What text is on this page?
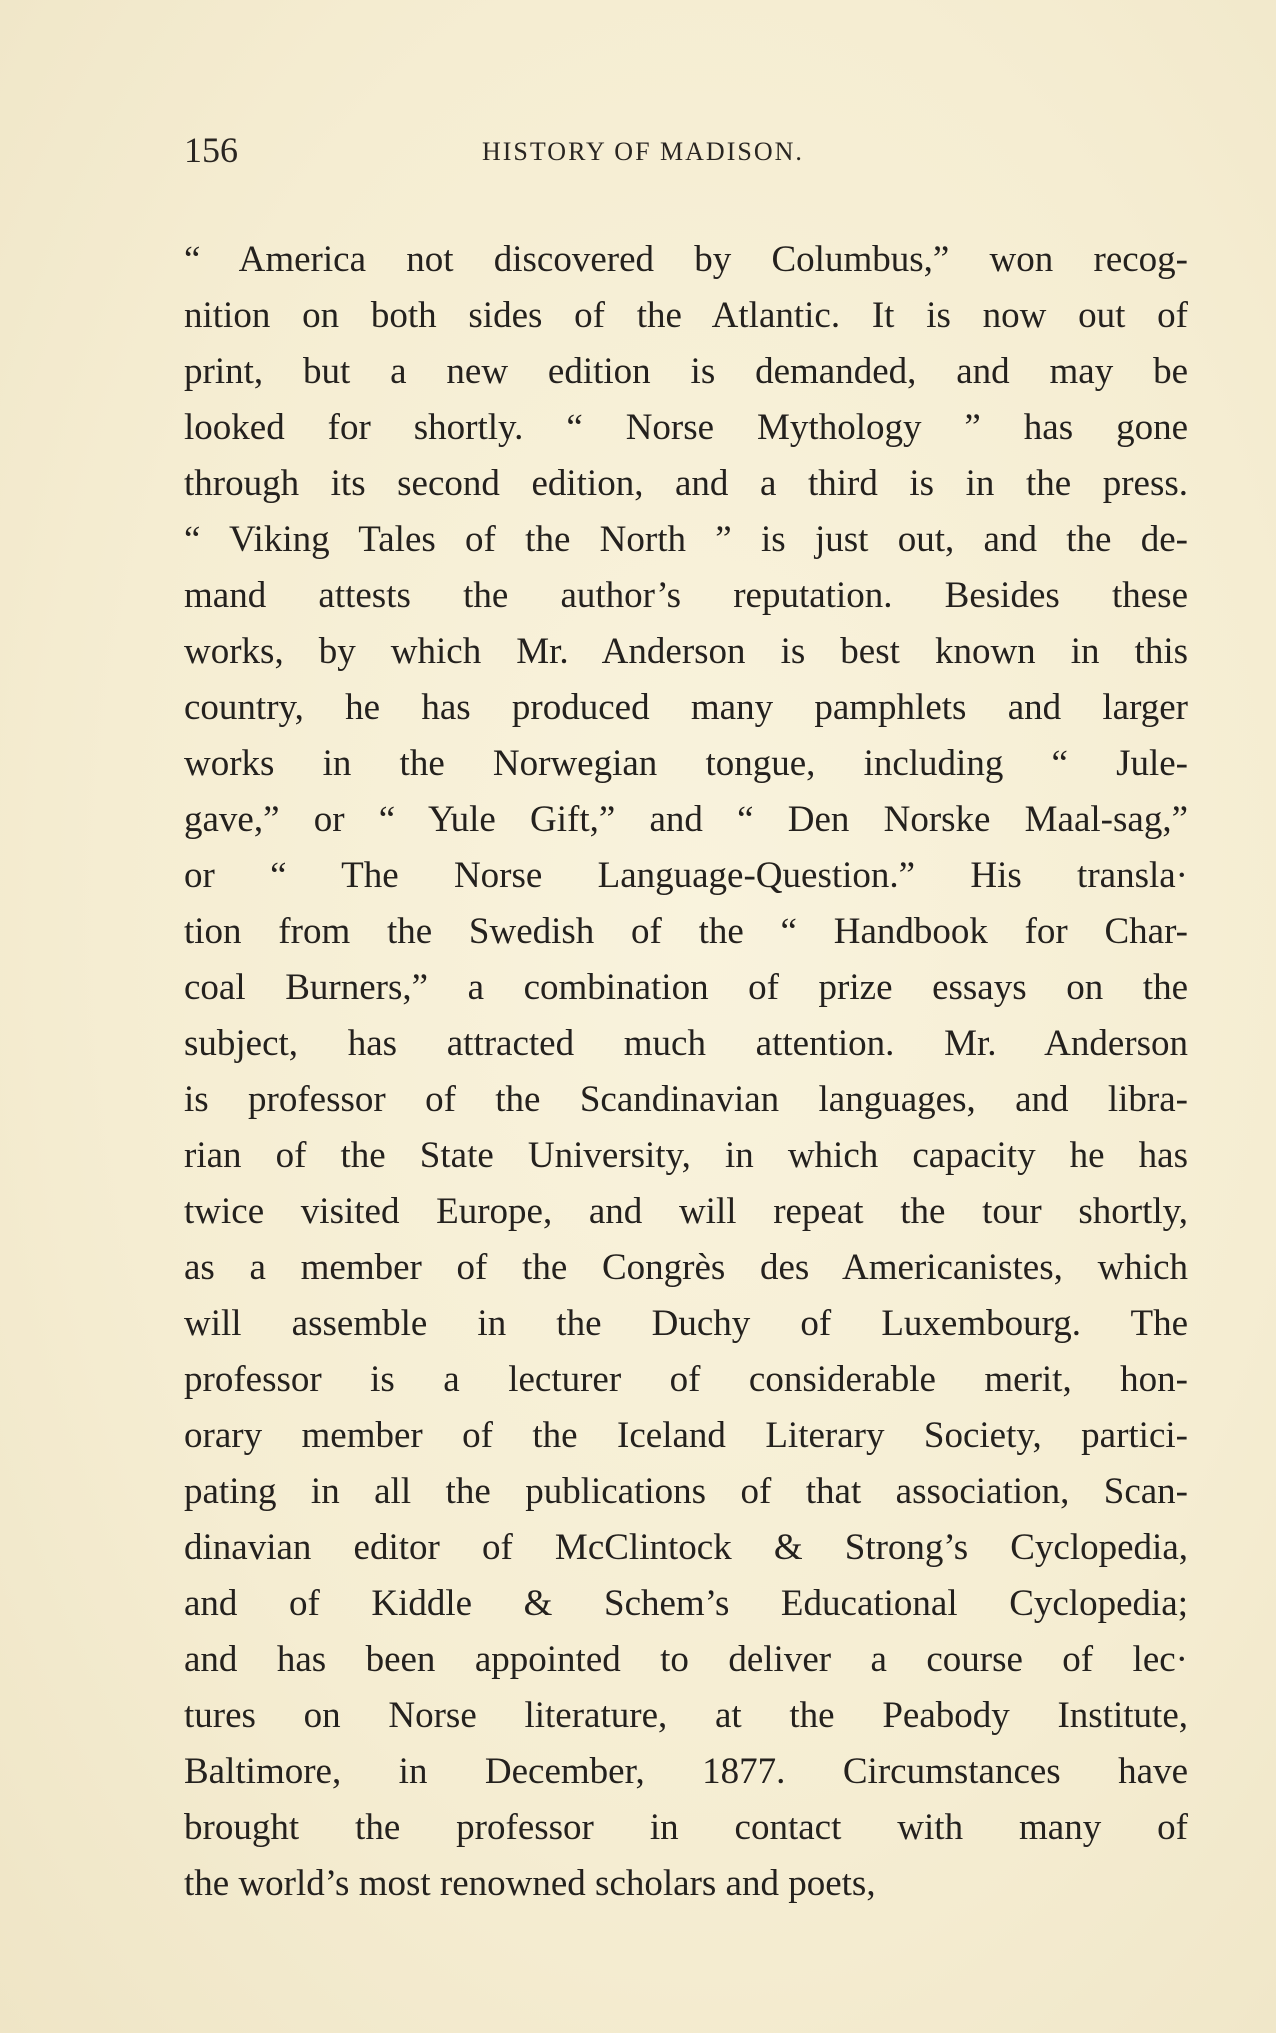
156	HISTORY OF MADISON.
“ America not discovered by Columbus,” won recog-
nition on both sides of the Atlantic. It is now out of
print, but a new edition is demanded, and may be
looked for shortly. “ Norse Mythology ” has gone
through its second edition, and a third is in the press.
“ Viking Tales of the North ” is just out, and the de-
mand attests the author’s reputation. Besides these
works, by which Mr. Anderson is best known in this
country, he has produced many pamphlets and larger
works in the Norwegian tongue, including “ Jule-
gave,” or “ Yule Gift,” and “ Den Norske Maal-sag,”
or “ The Norse Language-Question.” His transla·
tion from the Swedish of the “ Handbook for Char-
coal Burners,” a combination of prize essays on the
subject, has attracted much attention. Mr. Anderson
is professor of the Scandinavian languages, and libra-
rian of the State University, in which capacity he has
twice visited Europe, and will repeat the tour shortly,
as a member of the Congrès des Americanistes, which
will assemble in the Duchy of Luxembourg. The
professor is a lecturer of considerable merit, hon-
orary member of the Iceland Literary Society, partici-
pating in all the publications of that association, Scan-
dinavian editor of McClintock & Strong’s Cyclopedia,
and of Kiddle & Schem’s Educational Cyclopedia;
and has been appointed to deliver a course of lec·
tures on Norse literature, at the Peabody Institute,
Baltimore, in December, 1877. Circumstances have
brought the professor in contact with many of
the world’s most renowned scholars and poets,
